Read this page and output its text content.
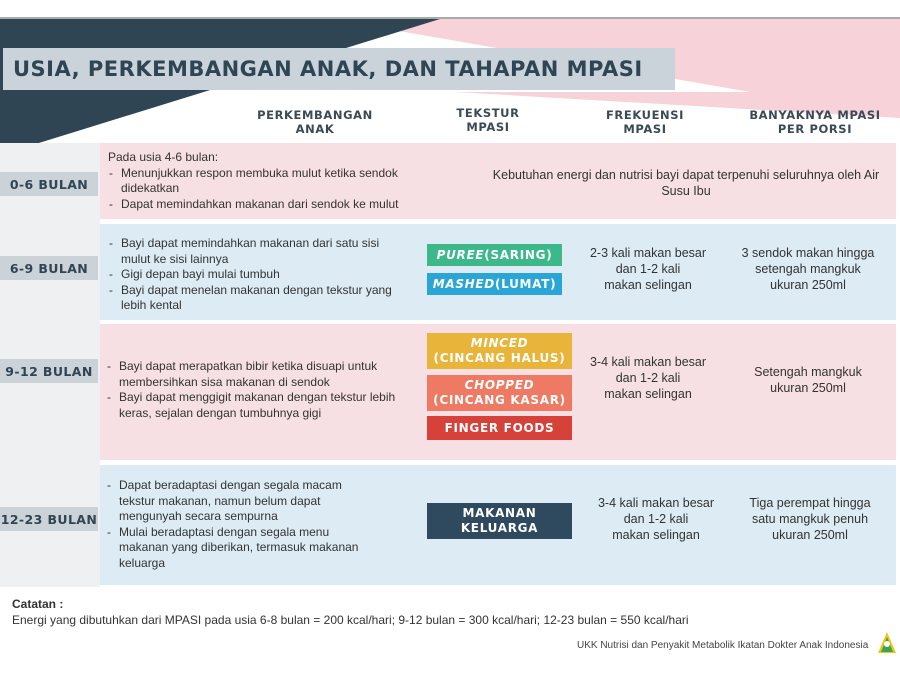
USIA, PERKEMBANGAN ANAK, DAN TAHAPAN MPASI
PERKEMBANGAN
ANAK
TEKSTUR
MPASI
FREKUENSI
MPASI
BANYAKNYA MPASI
PER PORSI
0-6 BULAN
Pada usia 4-6 bulan:
- Menunjukkan respon membuka mulut ketika sendok didekatkan
- Dapat memindahkan makanan dari sendok ke mulut
Kebutuhan energi dan nutrisi bayi dapat terpenuhi seluruhnya oleh Air Susu Ibu
6-9 BULAN
- Bayi dapat memindahkan makanan dari satu sisi mulut ke sisi lainnya
- Gigi depan bayi mulai tumbuh
- Bayi dapat menelan makanan dengan tekstur yang lebih kental
PUREE (SARING)
MASHED (LUMAT)
2-3 kali makan besar
dan 1-2 kali
makan selingan
3 sendok makan hingga
setengah mangkuk
ukuran 250ml
9-12 BULAN
-	Bayi dapat merapatkan bibir ketika disuapi untuk membersihkan sisa makanan di sendok
- Bayi dapat menggigit makanan dengan tekstur lebih keras, sejalan dengan tumbuhnya gigi
MINCED
(CINCANG HALUS)
CHOPPED
(CINCANG KASAR)
FINGER FOODS
3-4 kali makan besar
dan 1-2 kali
makan selingan
Setengah mangkuk
ukuran 250ml
12-23 BULAN
- Dapat beradaptasi dengan segala macam tekstur makanan, namun belum dapat mengunyah secara sempurna
- Mulai beradaptasi dengan segala menu makanan yang diberikan, termasuk makanan keluarga
MAKANAN
KELUARGA
3-4 kali makan besar
dan 1-2 kali
makan selingan
Tiga perempat hingga
satu mangkuk penuh
ukuran 250ml
Catatan :
Energi yang dibutuhkan dari MPASI pada usia 6-8 bulan = 200 kcal/hari; 9-12 bulan = 300 kcal/hari; 12-23 bulan = 550 kcal/hari
UKK Nutrisi dan Penyakit Metabolik Ikatan Dokter Anak Indonesia
